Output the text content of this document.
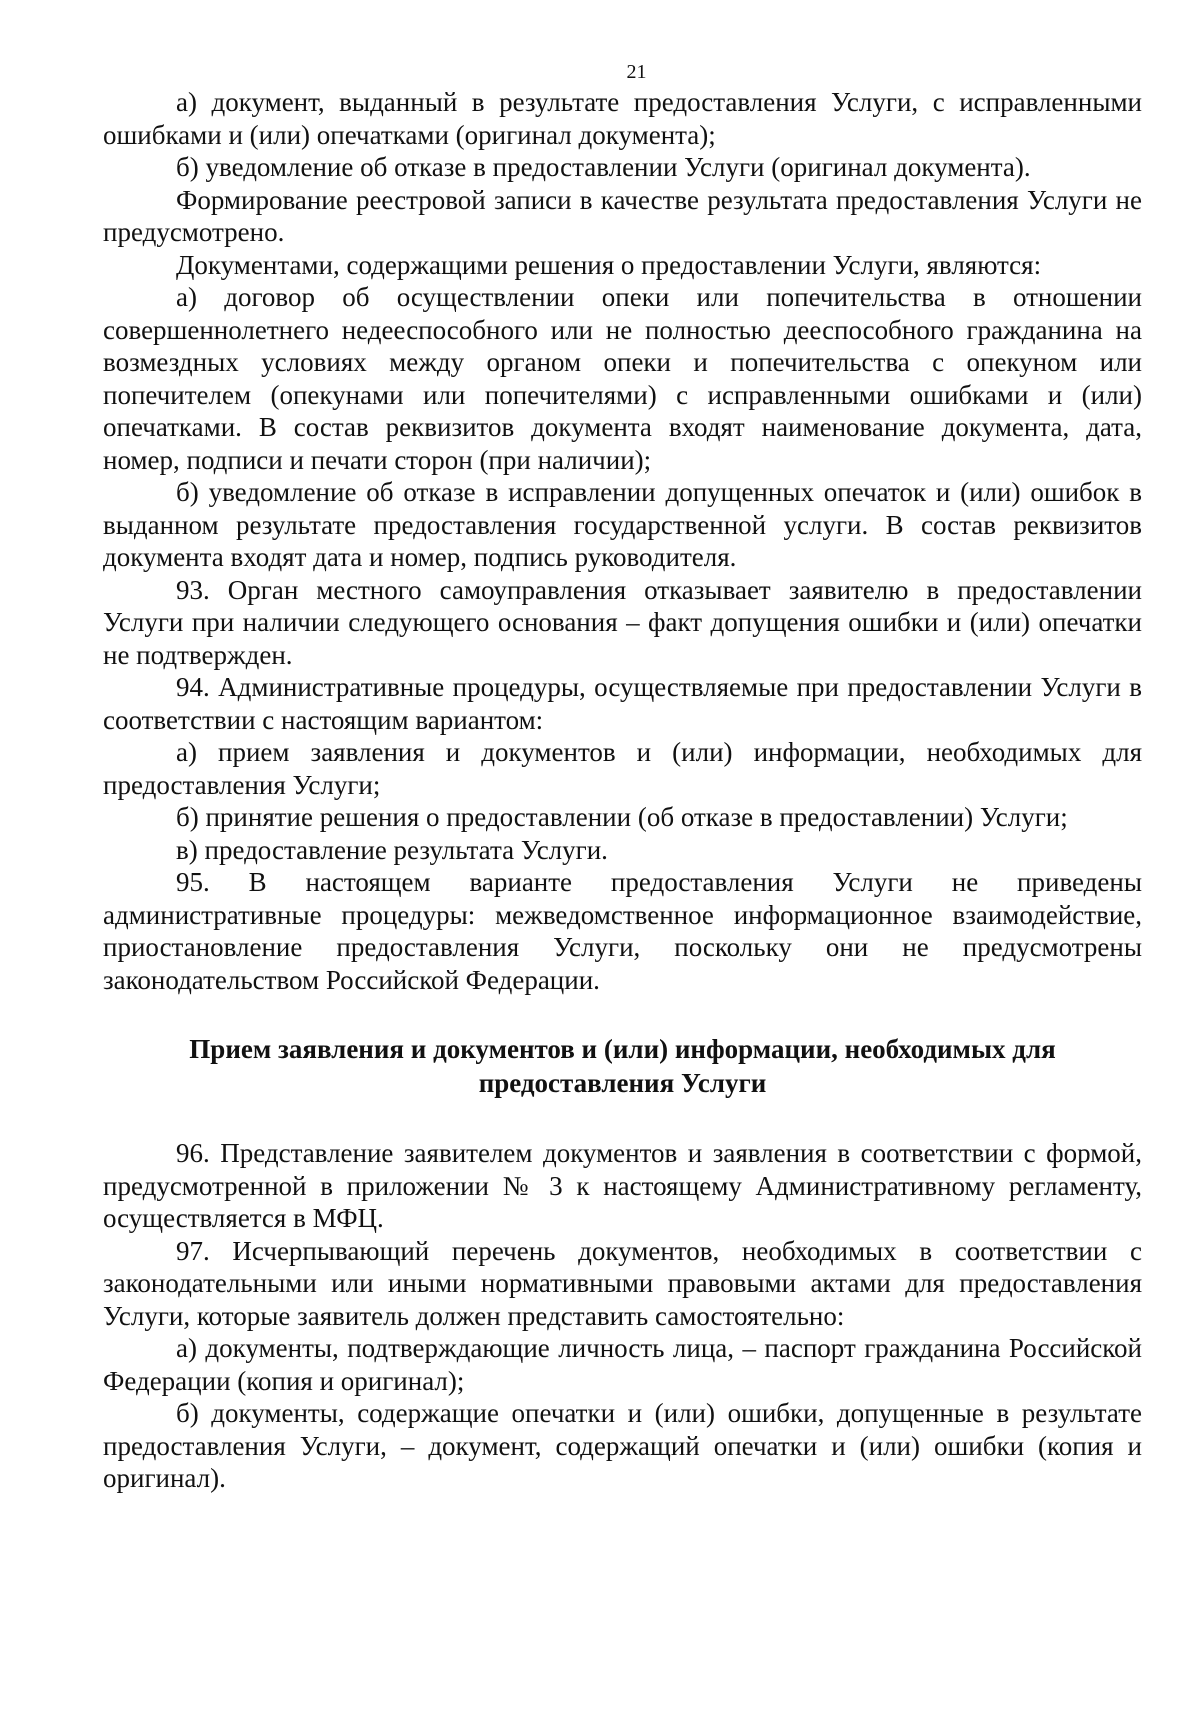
21

а) документ, выданный в результате предоставления Услуги, с исправленными ошибками и (или) опечатками (оригинал документа);

б) уведомление об отказе в предоставлении Услуги (оригинал документа).

Формирование реестровой записи в качестве результата предоставления Услуги не предусмотрено.

Документами, содержащими решения о предоставлении Услуги, являются:

а) договор об осуществлении опеки или попечительства в отношении совершеннолетнего недееспособного или не полностью дееспособного гражданина на возмездных условиях между органом опеки и попечительства с опекуном или попечителем (опекунами или попечителями) с исправленными ошибками и (или) опечатками. В состав реквизитов документа входят наименование документа, дата, номер, подписи и печати сторон (при наличии);

б) уведомление об отказе в исправлении допущенных опечаток и (или) ошибок в выданном результате предоставления государственной услуги. В состав реквизитов документа входят дата и номер, подпись руководителя.

93. Орган местного самоуправления отказывает заявителю в предоставлении Услуги при наличии следующего основания – факт допущения ошибки и (или) опечатки не подтвержден.

94. Административные процедуры, осуществляемые при предоставлении Услуги в соответствии с настоящим вариантом:

а) прием заявления и документов и (или) информации, необходимых для предоставления Услуги;

б) принятие решения о предоставлении (об отказе в предоставлении) Услуги;

в) предоставление результата Услуги.

95. В настоящем варианте предоставления Услуги не приведены административные процедуры: межведомственное информационное взаимодействие, приостановление предоставления Услуги, поскольку они не предусмотрены законодательством Российской Федерации.

Прием заявления и документов и (или) информации, необходимых для предоставления Услуги

96. Представление заявителем документов и заявления в соответствии с формой, предусмотренной в приложении № 3 к настоящему Административному регламенту, осуществляется в МФЦ.

97. Исчерпывающий перечень документов, необходимых в соответствии с законодательными или иными нормативными правовыми актами для предоставления Услуги, которые заявитель должен представить самостоятельно:

а) документы, подтверждающие личность лица, – паспорт гражданина Российской Федерации (копия и оригинал);

б) документы, содержащие опечатки и (или) ошибки, допущенные в результате предоставления Услуги, – документ, содержащий опечатки и (или) ошибки (копия и оригинал).
